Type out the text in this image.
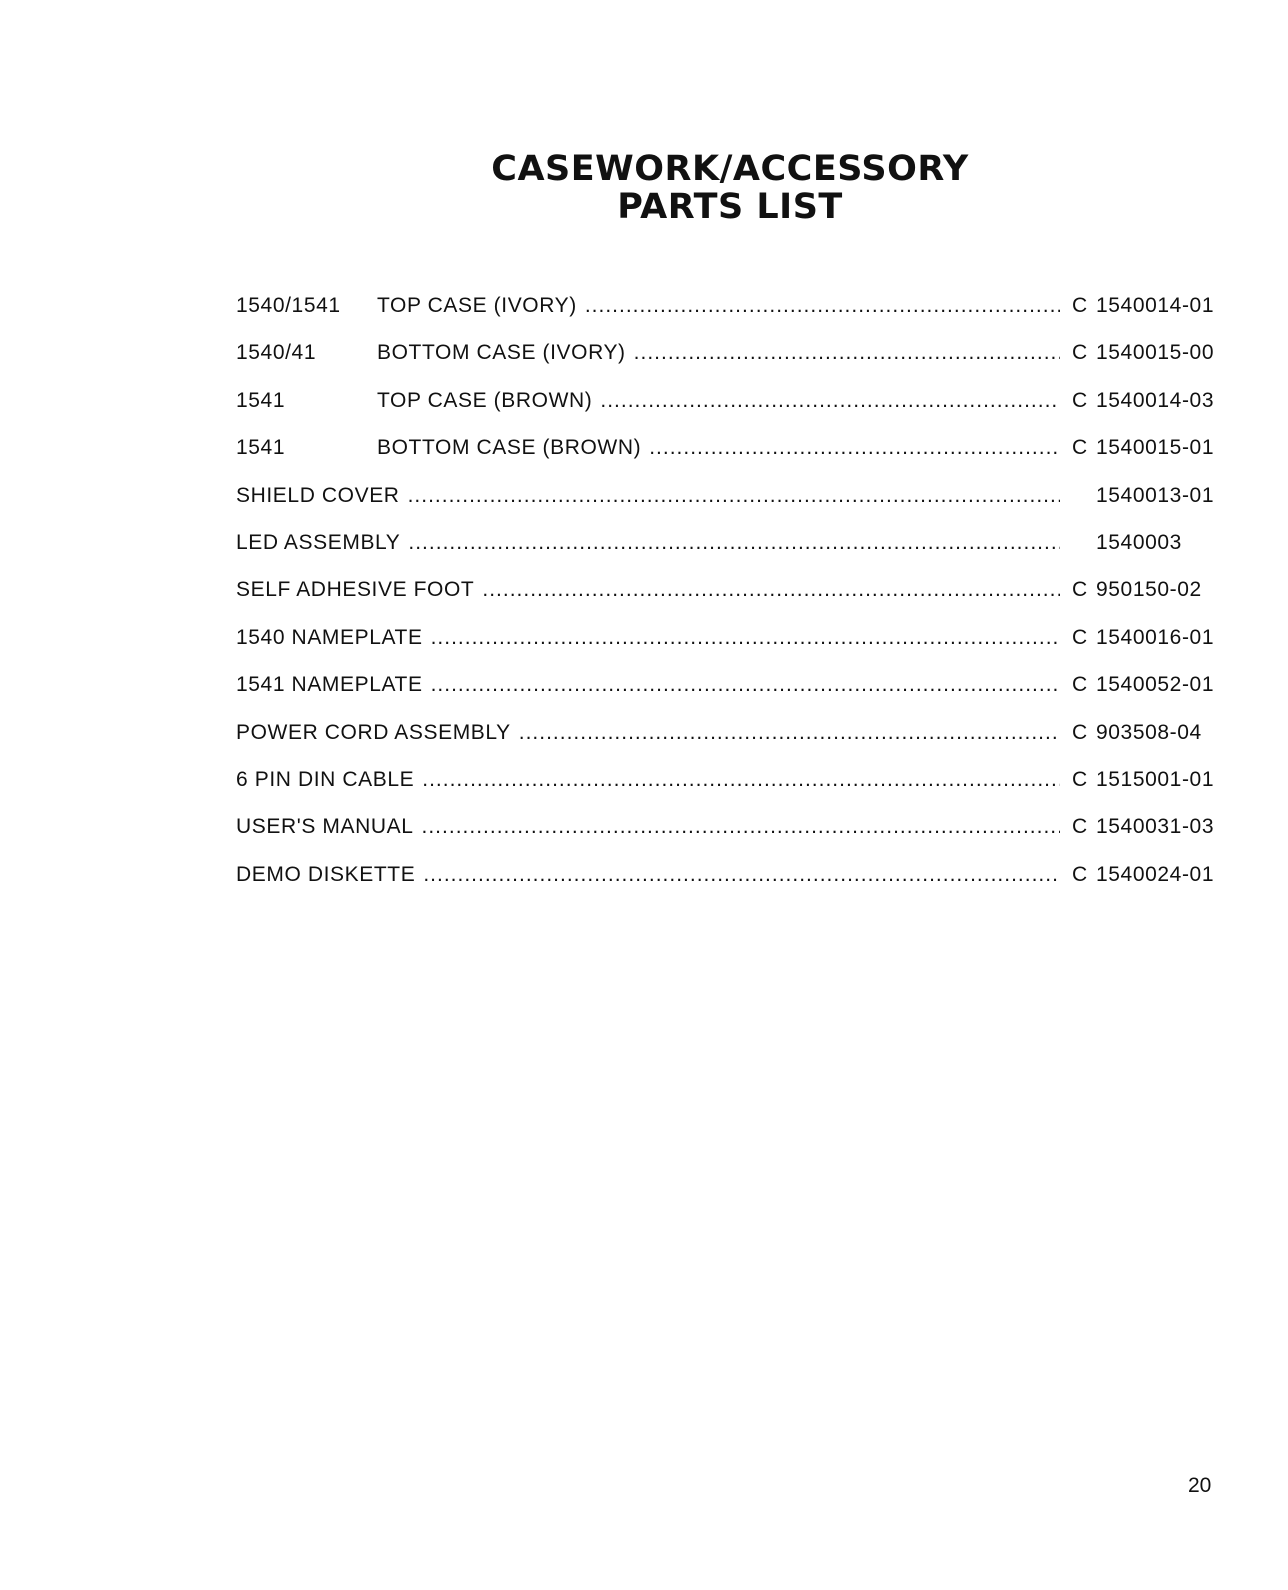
CASEWORK/ACCESSORY
PARTS LIST
1540/1541 TOP CASE (IVORY) .....	C 1540014-01
1540/41	BOTTOM CASE (IVORY) .....	C 1540015-00
1541	TOP CASE (BROWN) .....	C 1540014-03
1541	BOTTOM CASE (BROWN) .....	C 1540015-01
SHIELD COVER .....	1540013-01
LED ASSEMBLY .....	1540003
SELF ADHESIVE FOOT .....	C 950150-02
1540 NAMEPLATE .....	C 1540016-01
1541 NAMEPLATE .....	C 1540052-01
POWER CORD ASSEMBLY .....	C 903508-04
6 PIN DIN CABLE .....	C 1515001-01
USER'S MANUAL .....	C 1540031-03
DEMO DISKETTE .....	C 1540024-01
20
